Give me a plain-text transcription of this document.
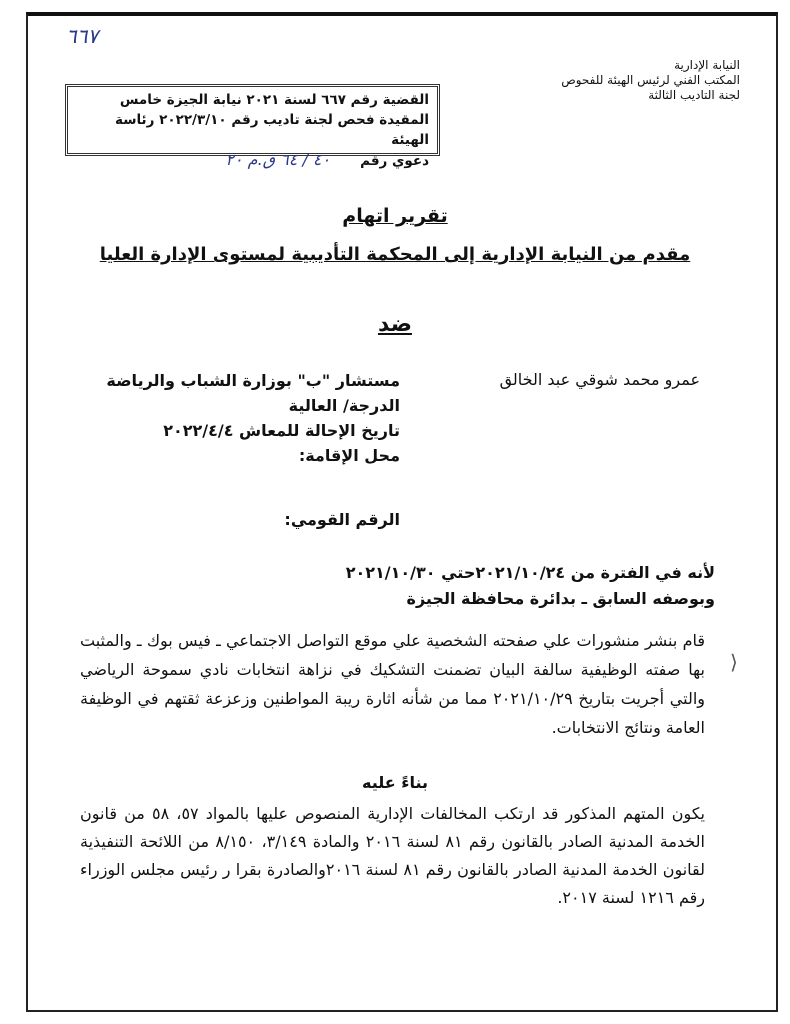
٦٦٧
النيابة الإدارية
المكتب الفني لرئيس الهيئة للفحوص
لجنة التاديب الثالثة
القضية رقم ٦٦٧ لسنة ٢٠٢١ نيابة الجيزة خامس
المقيدة فحص لجنة تاديب رقم ٢٠٢٢/٣/١٠ رئاسة الهيئة
دعوي رقم٤٠ / ٦٤ ق.م ٢٠
تقرير اتهام
مقدم من النيابة الإدارية إلى المحكمة التأديبية لمستوى الإدارة العليا
ضد
عمرو محمد شوقي عبد الخالق
مستشار "ب" بوزارة الشباب والرياضة
الدرجة/ العالية
تاريخ الإحالة للمعاش ٢٠٢٢/٤/٤
محل الإقامة:
الرقم القومي:
لأنه في الفترة من ٢٠٢١/١٠/٢٤حتي ٢٠٢١/١٠/٣٠
وبوصفه السابق ـ بدائرة محافظة الجيزة
قام بنشر منشورات علي صفحته الشخصية علي موقع التواصل الاجتماعي ـ فيس بوك ـ والمثبت بها صفته الوظيفية سالفة البيان تضمنت التشكيك في نزاهة انتخابات نادي سموحة الرياضي والتي أجريت بتاريخ ٢٠٢١/١٠/٢٩ مما من شأنه اثارة ريبة المواطنين وزعزعة ثقتهم في الوظيفة العامة ونتائج الانتخابات.
⟩
بناءً عليه
يكون المتهم المذكور قد ارتكب المخالفات الإدارية المنصوص عليها بالمواد ٥٧، ٥٨ من قانون الخدمة المدنية الصادر بالقانون رقم ٨١ لسنة ٢٠١٦ والمادة ٣/١٤٩، ٨/١٥٠ من اللائحة التنفيذية لقانون الخدمة المدنية الصادر بالقانون رقم ٨١ لسنة ٢٠١٦والصادرة بقرا ر رئيس مجلس الوزراء رقم ١٢١٦ لسنة ٢٠١٧.
